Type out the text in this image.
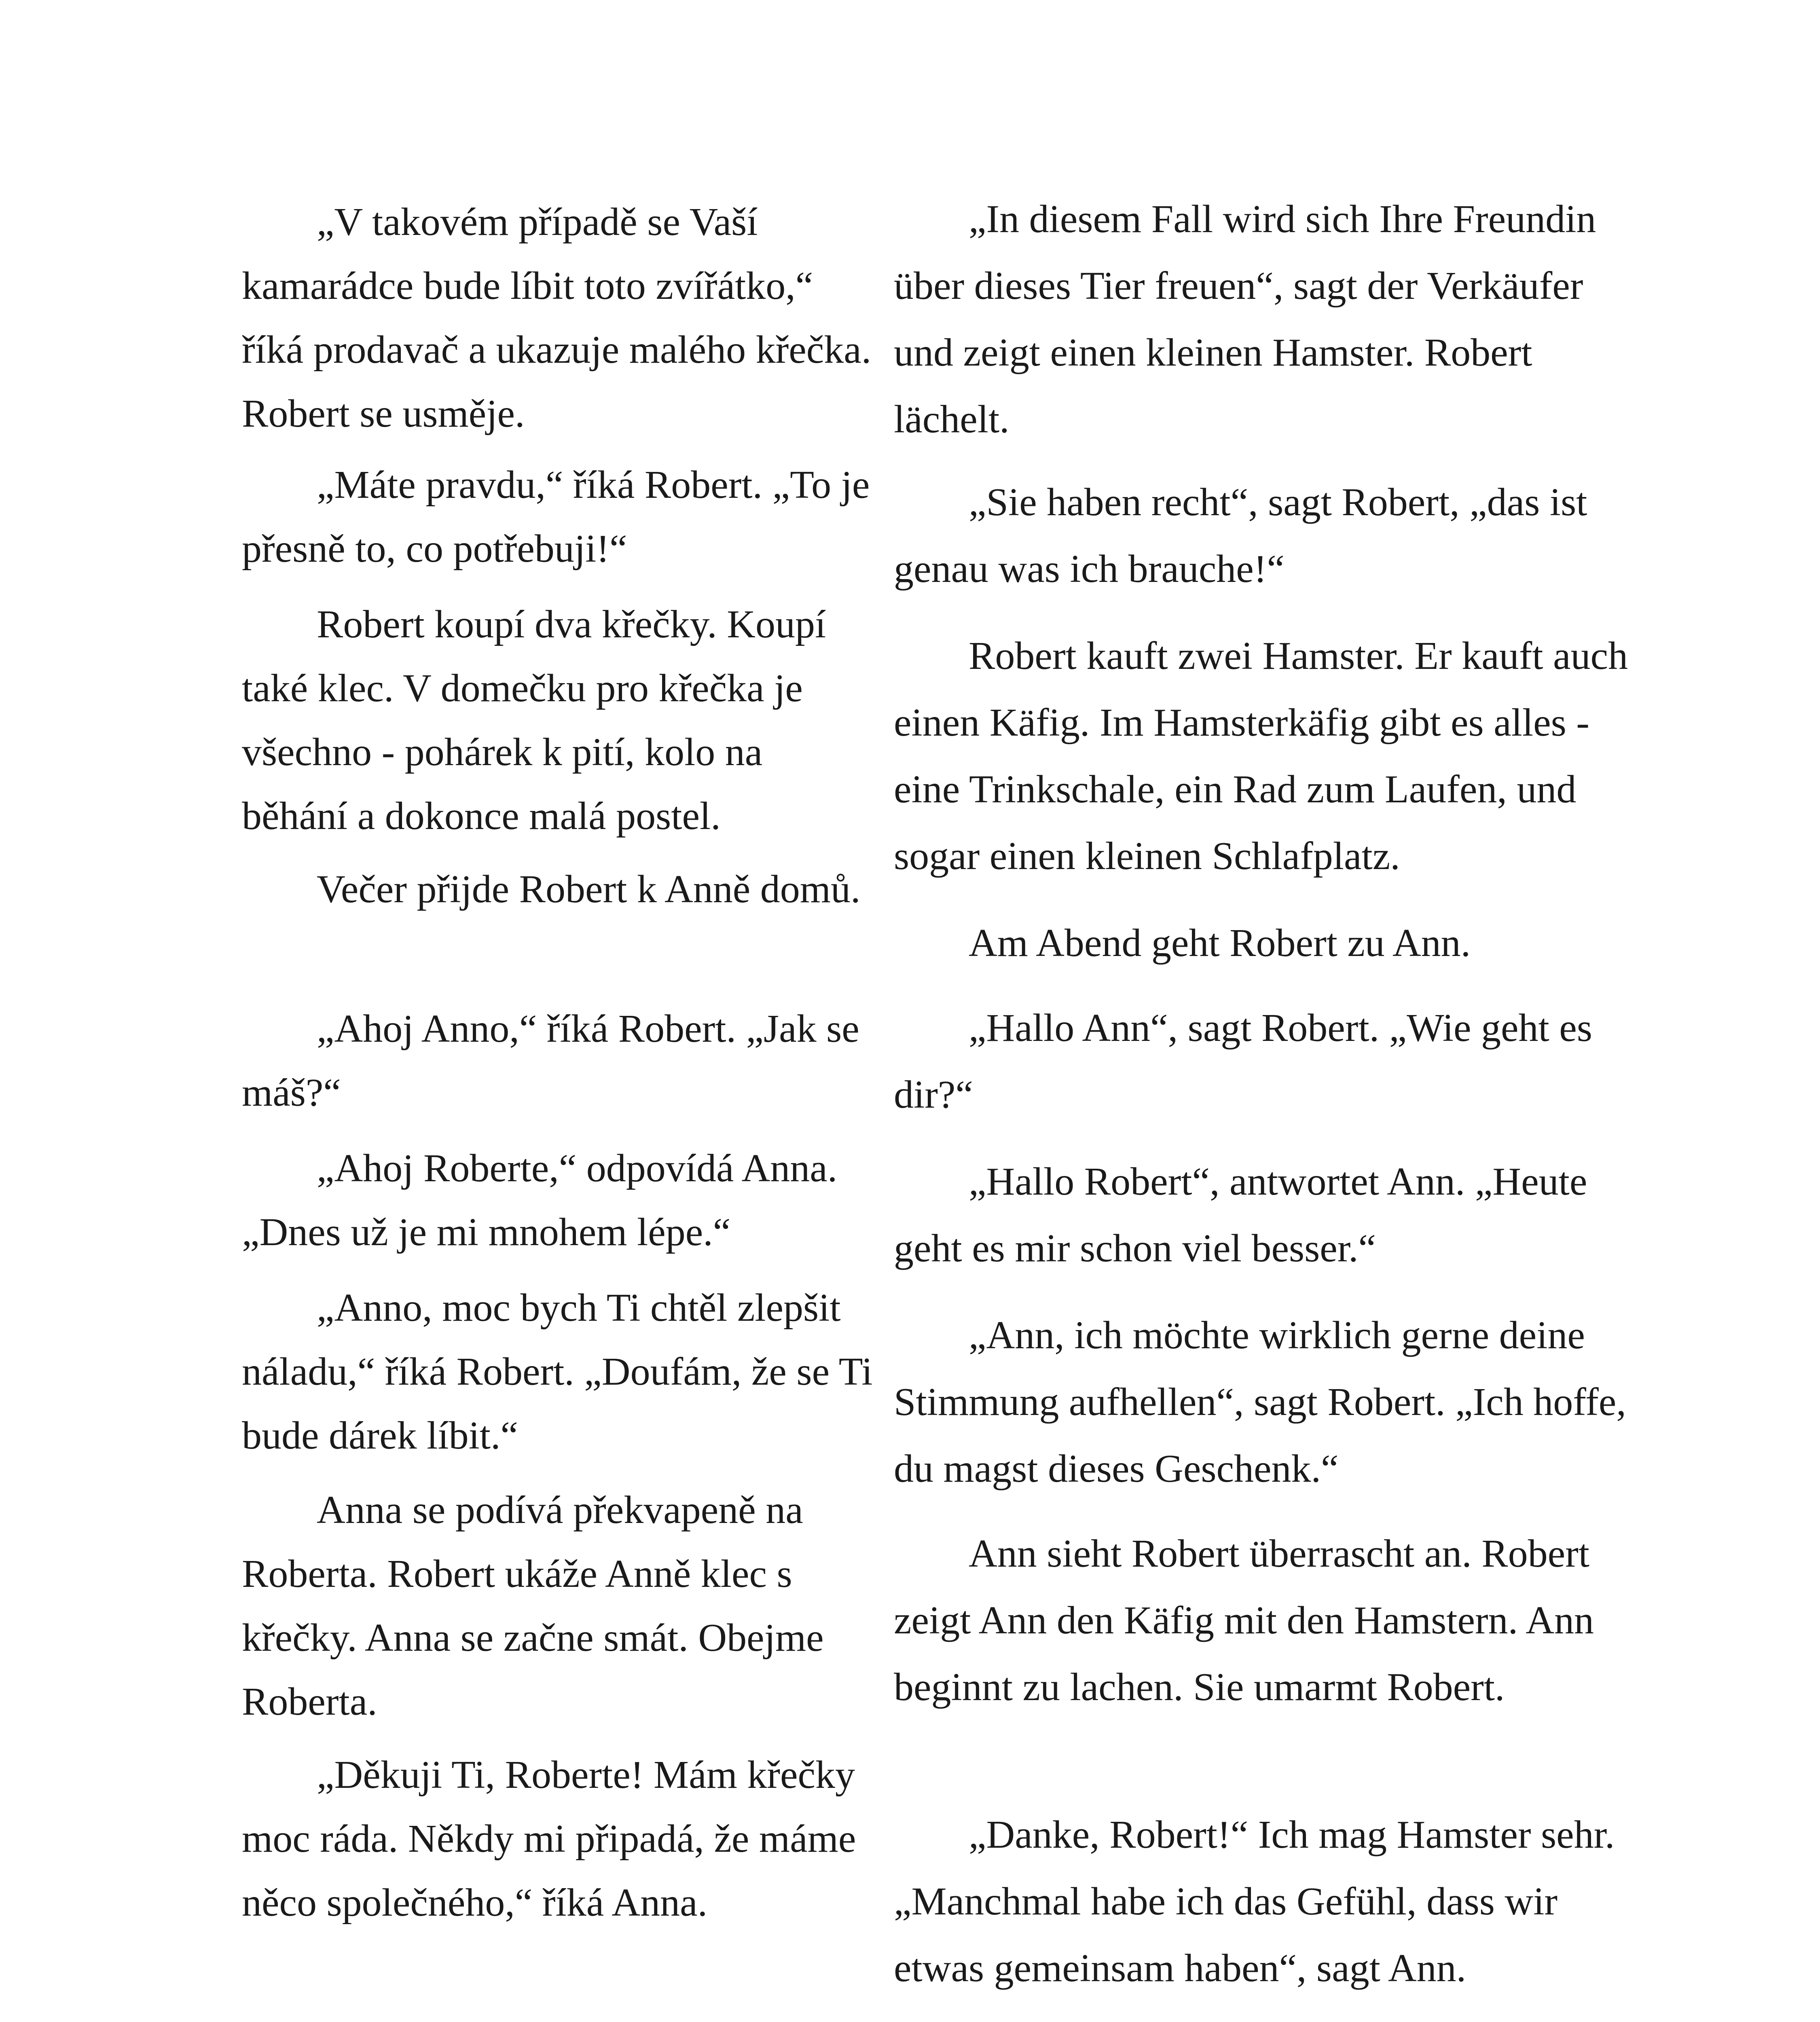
„V takovém případě se Vaší kamarádce bude líbit toto zvířátko,“ říká prodavač a ukazuje malého křečka. Robert se usměje.

„Máte pravdu,“ říká Robert. „To je přesně to, co potřebuji!“

Robert koupí dva křečky. Koupí také klec. V domečku pro křečka je všechno - pohárek k pití, kolo na běhání a dokonce malá postel.

Večer přijde Robert k Anně domů.

„Ahoj Anno,“ říká Robert. „Jak se máš?“

„Ahoj Roberte,“ odpovídá Anna. „Dnes už je mi mnohem lépe.“

„Anno, moc bych Ti chtěl zlepšit náladu,“ říká Robert. „Doufám, že se Ti bude dárek líbit.“

Anna se podívá překvapeně na Roberta. Robert ukáže Anně klec s křečky. Anna se začne smát. Obejme Roberta.

„Děkuji Ti, Roberte! Mám křečky moc ráda. Někdy mi připadá, že máme něco společného,“ říká Anna.

„In diesem Fall wird sich Ihre Freundin über dieses Tier freuen“, sagt der Verkäufer und zeigt einen kleinen Hamster. Robert lächelt.

„Sie haben recht“, sagt Robert, „das ist genau was ich brauche!“

Robert kauft zwei Hamster. Er kauft auch einen Käfig. Im Hamsterkäfig gibt es alles - eine Trinkschale, ein Rad zum Laufen, und sogar einen kleinen Schlafplatz.

Am Abend geht Robert zu Ann.

„Hallo Ann“, sagt Robert. „Wie geht es dir?“

„Hallo Robert“, antwortet Ann. „Heute geht es mir schon viel besser.“

„Ann, ich möchte wirklich gerne deine Stimmung aufhellen“, sagt Robert. „Ich hoffe, du magst dieses Geschenk.“

Ann sieht Robert überrascht an. Robert zeigt Ann den Käfig mit den Hamstern. Ann beginnt zu lachen. Sie umarmt Robert.

„Danke, Robert!“ Ich mag Hamster sehr. „Manchmal habe ich das Gefühl, dass wir etwas gemeinsam haben“, sagt Ann.
